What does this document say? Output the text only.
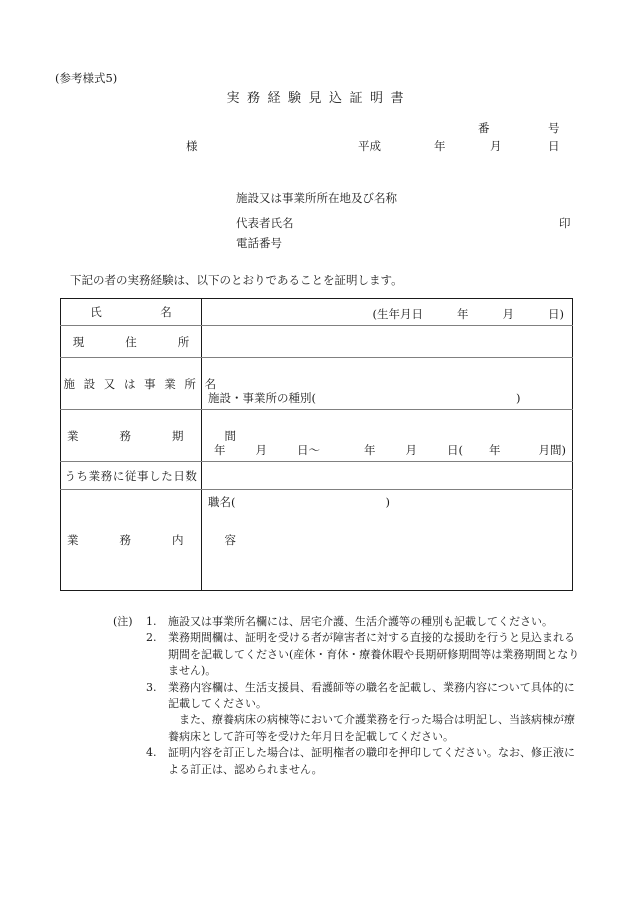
(参考様式5)
実務経験見込証明書
番	号
様	平成	年	月	日
施設又は事業所所在地及び名称
代表者氏名	印
電話番号
下記の者の実務経験は、以下のとおりであることを証明します。
氏　　　名	(生年月日 年 月 日)

現　　住　　所	
施 設 又 は 事 業 所 名	施設・事業所の種別( )

業　　務　　期　　間	年 月 日～ 年 月 日( 年 月間)

うち業務に従事した日数	
業　　務　　内　　容	職名( )
(注) 1. 施設又は事業所名欄には、居宅介護、生活介護等の種別も記載してください。

2. 業務期間欄は、証明を受ける者が障害者に対する直接的な援助を行うと見込まれる期間を記載してください(産休・育休・療養休暇や長期研修期間等は業務期間となりません)。

3. 業務内容欄は、生活支援員、看護師等の職名を記載し、業務内容について具体的に記載してください。

また、療養病床の病棟等において介護業務を行った場合は明記し、当該病棟が療養病床として許可等を受けた年月日を記載してください。

4. 証明内容を訂正した場合は、証明権者の職印を押印してください。なお、修正液による訂正は、認められません。
